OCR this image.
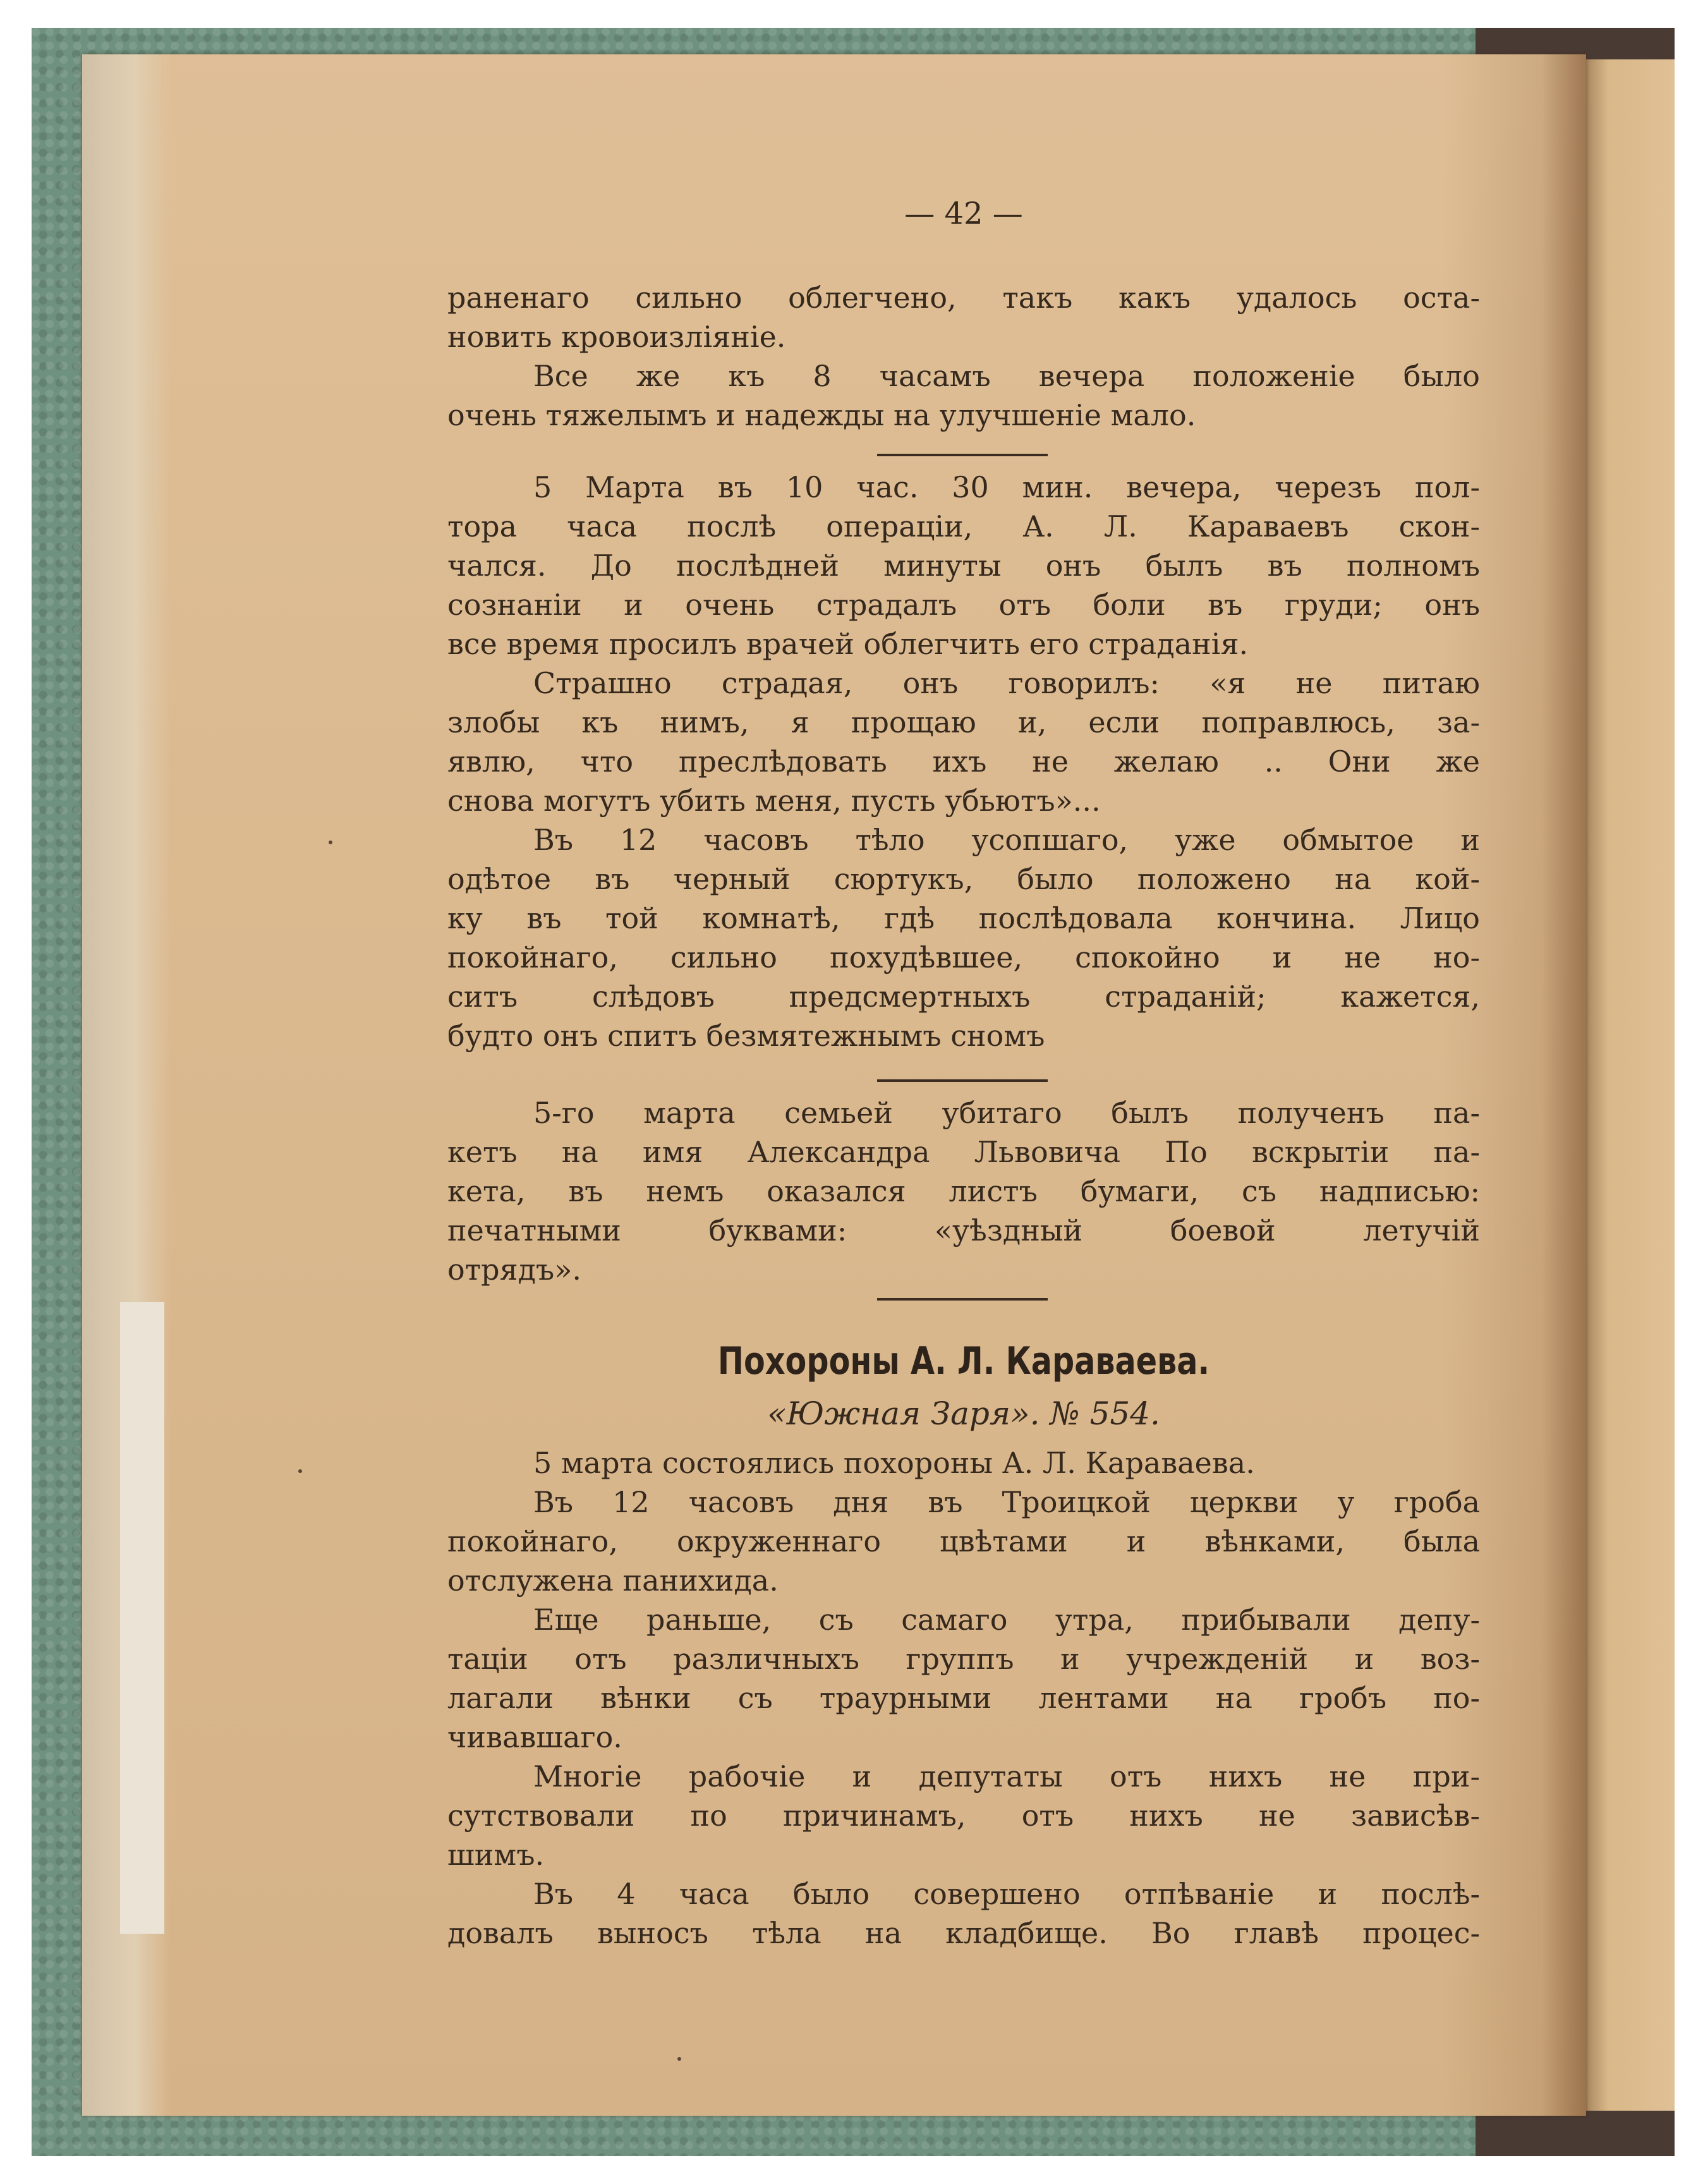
— 42 —

раненаго сильно облегчено, такъ какъ удалось оста-
новить кровоизлiянiе.
Все же къ 8 часамъ вечера положенiе было
очень тяжелымъ и надежды на улучшенiе мало.
5 Марта въ 10 час. 30 мин. вечера, черезъ пол-
тора часа послѣ операцiи, А. Л. Караваевъ скон-
чался. До послѣдней минуты онъ былъ въ полномъ
сознанiи и очень страдалъ отъ боли въ груди; онъ
все время просилъ врачей облегчить его страданiя.
Страшно страдая, онъ говорилъ: «я не питаю
злобы къ нимъ, я прощаю и, если поправлюсь, за-
явлю, что преслѣдовать ихъ не желаю .. Они же
снова могутъ убить меня, пусть убьютъ»...
Въ 12 часовъ тѣло усопшаго, уже обмытое и
одѣтое въ черный сюртукъ, было положено на кой-
ку въ той комнатѣ, гдѣ послѣдовала кончина. Лицо
покойнаго, сильно похудѣвшее, спокойно и не но-
ситъ слѣдовъ предсмертныхъ страданiй; кажется,
будто онъ спитъ безмятежнымъ сномъ
5-го марта семьей убитаго былъ полученъ па-
кетъ на имя Александра Львовича По вскрытiи па-
кета, въ немъ оказался листъ бумаги, съ надписью:
печатными буквами: «уѣздный боевой летучiй
отрядъ».

Похороны А. Л. Караваева.

«Южная Заря». № 554.

5 марта состоялись похороны А. Л. Караваева.
Въ 12 часовъ дня въ Троицкой церкви у гроба
покойнаго, окруженнаго цвѣтами и вѣнками, была
отслужена панихида.
Еще раньше, съ самаго утра, прибывали депу-
тацiи отъ различныхъ группъ и учрежденiй и воз-
лагали вѣнки съ траурными лентами на гробъ по-
чивавшаго.
Многiе рабочiе и депутаты отъ нихъ не при-
сутствовали по причинамъ, отъ нихъ не зависѣв-
шимъ.
Въ 4 часа было совершено отпѣванiе и послѣ-
довалъ выносъ тѣла на кладбище. Во главѣ процес-
